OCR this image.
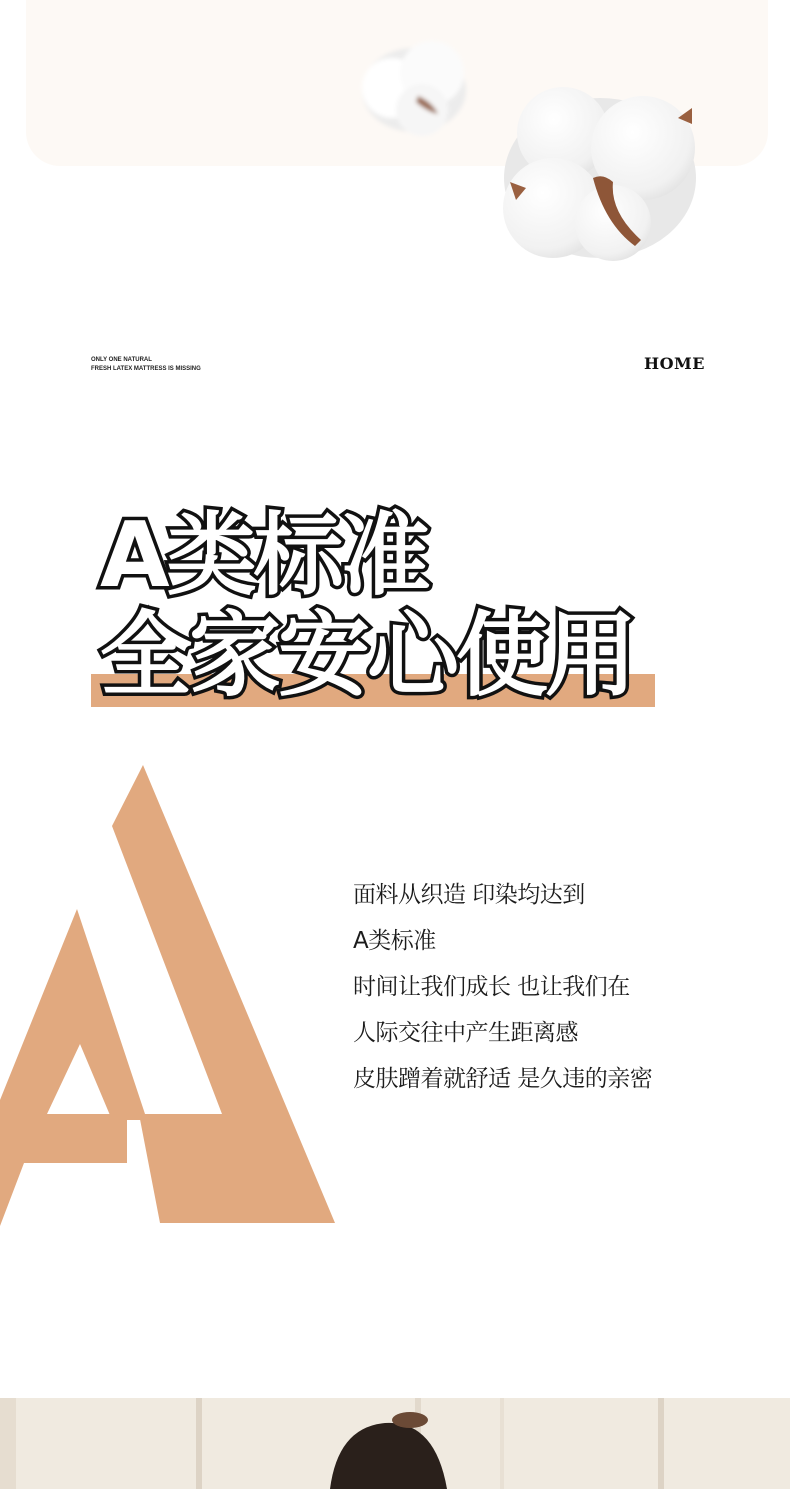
ONLY ONE NATURAL
FRESH LATEX MATTRESS IS MISSING	HOME
A类标准
全家安心使用
面料从织造 印染均达到
A类标准
时间让我们成长 也让我们在
人际交往中产生距离感
皮肤蹭着就舒适 是久违的亲密
